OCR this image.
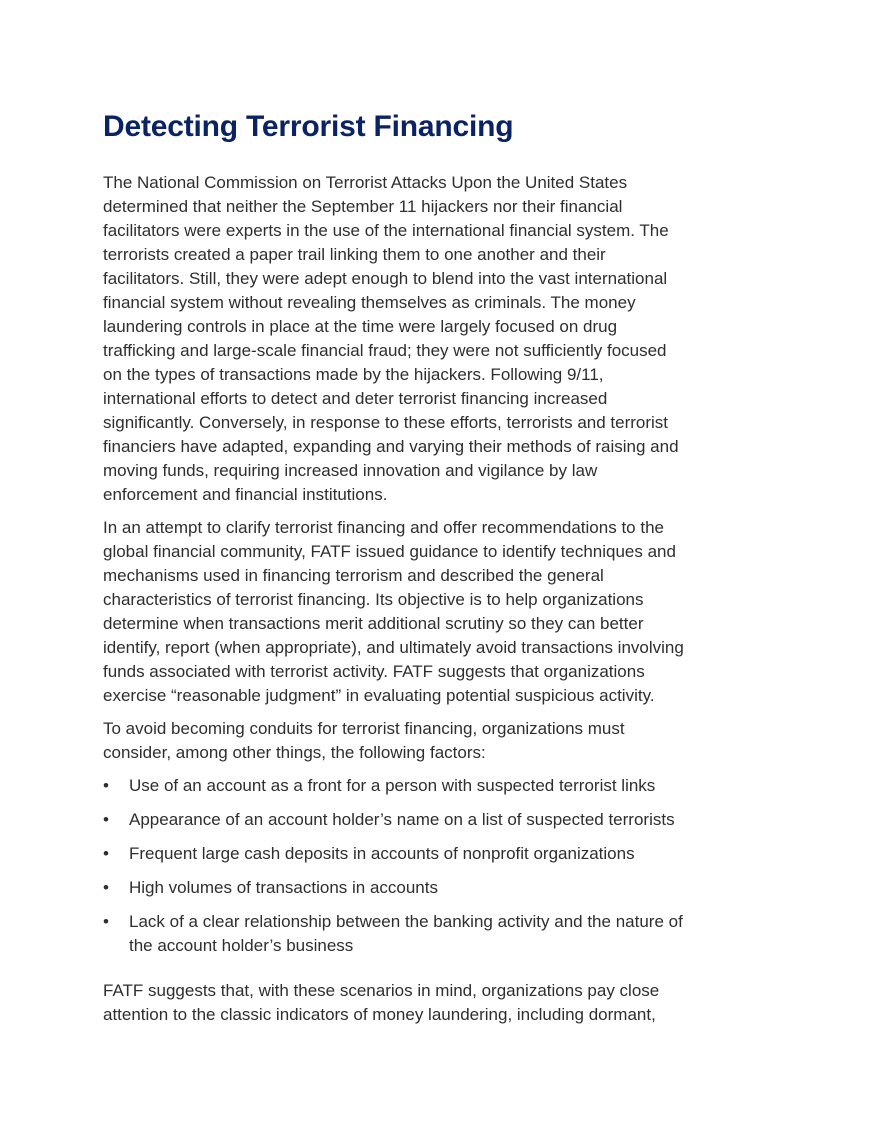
Detecting Terrorist Financing

The National Commission on Terrorist Attacks Upon the United States
determined that neither the September 11 hijackers nor their financial
facilitators were experts in the use of the international financial system. The
terrorists created a paper trail linking them to one another and their
facilitators. Still, they were adept enough to blend into the vast international
financial system without revealing themselves as criminals. The money
laundering controls in place at the time were largely focused on drug
trafficking and large-scale financial fraud; they were not sufficiently focused
on the types of transactions made by the hijackers. Following 9/11,
international efforts to detect and deter terrorist financing increased
significantly. Conversely, in response to these efforts, terrorists and terrorist
financiers have adapted, expanding and varying their methods of raising and
moving funds, requiring increased innovation and vigilance by law
enforcement and financial institutions.

In an attempt to clarify terrorist financing and offer recommendations to the
global financial community, FATF issued guidance to identify techniques and
mechanisms used in financing terrorism and described the general
characteristics of terrorist financing. Its objective is to help organizations
determine when transactions merit additional scrutiny so they can better
identify, report (when appropriate), and ultimately avoid transactions involving
funds associated with terrorist activity. FATF suggests that organizations
exercise “reasonable judgment” in evaluating potential suspicious activity.

To avoid becoming conduits for terrorist financing, organizations must
consider, among other things, the following factors:

• Use of an account as a front for a person with suspected terrorist links
• Appearance of an account holder’s name on a list of suspected terrorists
• Frequent large cash deposits in accounts of nonprofit organizations
• High volumes of transactions in accounts
• Lack of a clear relationship between the banking activity and the nature of
the account holder’s business

FATF suggests that, with these scenarios in mind, organizations pay close
attention to the classic indicators of money laundering, including dormant,
